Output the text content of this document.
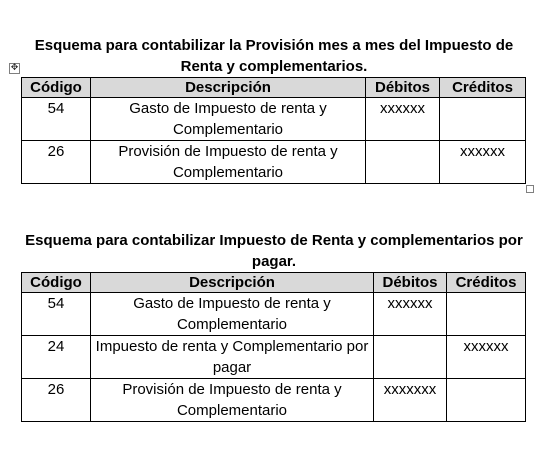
Esquema para contabilizar la Provisión mes a mes del Impuesto de Renta y complementarios.
✥
Código	Descripción	Débitos	Créditos
54	Gasto de Impuesto de renta y Complementario	xxxxxx	
26	Provisión de Impuesto de renta y Complementario		xxxxxx
Esquema para contabilizar Impuesto de Renta y complementarios por pagar.
Código	Descripción	Débitos	Créditos
54	Gasto de Impuesto de renta y Complementario	xxxxxx	
24	Impuesto de renta y Complementario por pagar		xxxxxx
26	Provisión de Impuesto de renta y Complementario	xxxxxxx	
